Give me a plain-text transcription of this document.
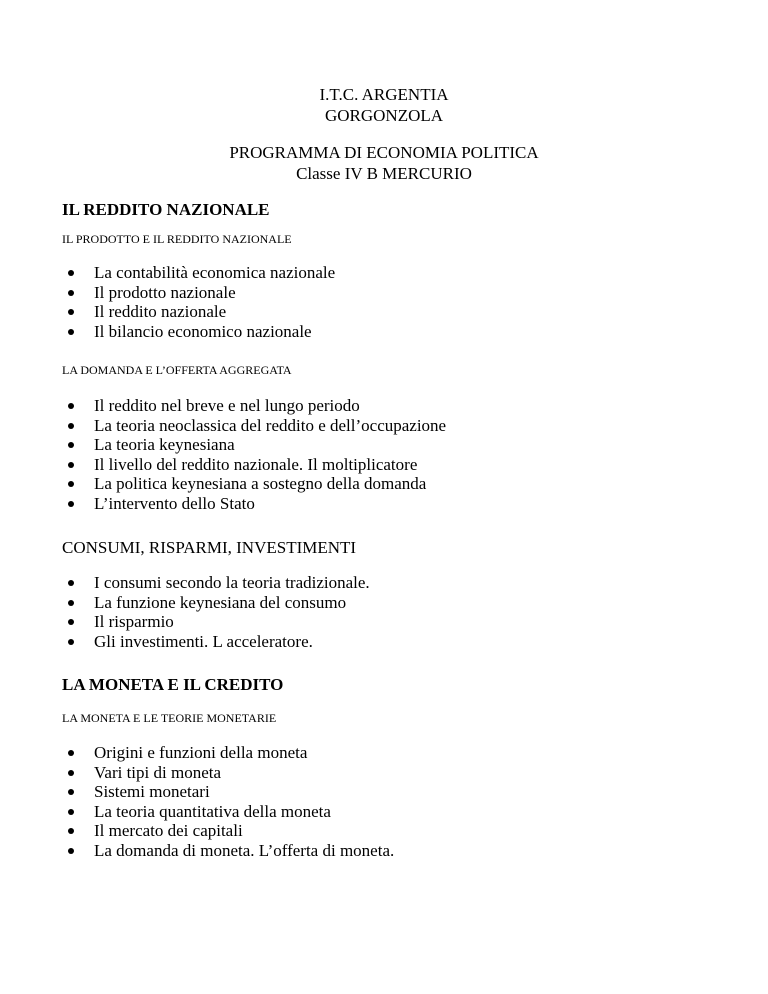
I.T.C. ARGENTIA
GORGONZOLA
PROGRAMMA DI ECONOMIA POLITICA
Classe IV B MERCURIO
IL REDDITO NAZIONALE
IL PRODOTTO E IL REDDITO NAZIONALE
La contabilità economica nazionale
Il prodotto nazionale
Il reddito nazionale
Il bilancio economico nazionale
LA DOMANDA E L’OFFERTA AGGREGATA
Il reddito nel breve e nel lungo periodo
La teoria neoclassica del reddito e dell’occupazione
La teoria keynesiana
Il livello del reddito nazionale. Il moltiplicatore
La politica keynesiana a sostegno della domanda
L’intervento dello Stato
CONSUMI, RISPARMI, INVESTIMENTI
I consumi secondo la teoria tradizionale.
La funzione keynesiana del consumo
Il risparmio
Gli investimenti. L acceleratore.
LA MONETA E IL CREDITO
LA MONETA E LE TEORIE MONETARIE
Origini e funzioni della moneta
Vari tipi di moneta
Sistemi monetari
La teoria quantitativa della moneta
Il mercato dei capitali
La domanda di moneta. L’offerta di moneta.
